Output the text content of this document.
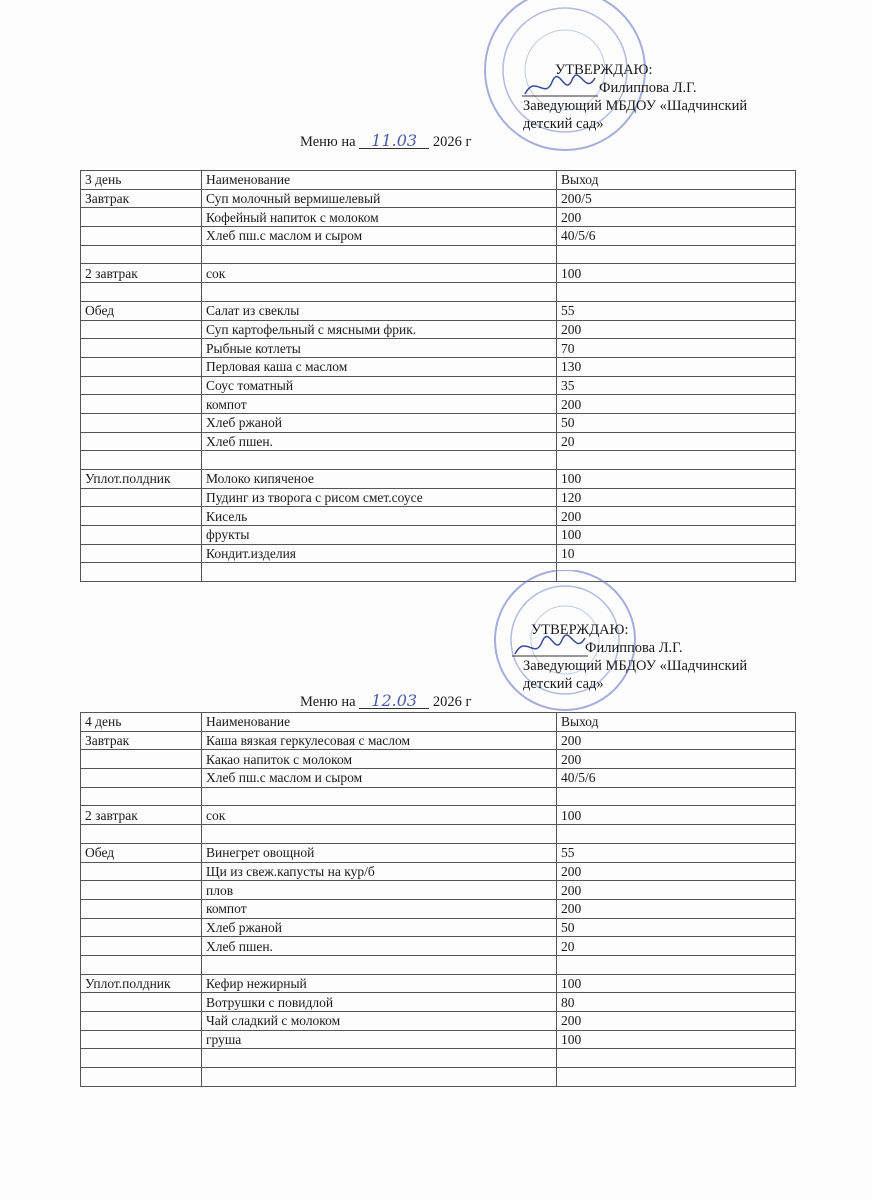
УТВЕРЖДАЮ:
Филиппова Л.Г.
Заведующий МБДОУ «Шадчинский
детский сад»
Меню на 11.03 2026 г
3 день	Наименование	Выход
Завтрак	Суп молочный вермишелевый	200/5
	Кофейный напиток с молоком	200
	Хлеб пш.с маслом и сыром	40/5/6

2 завтрак	сок	100

Обед	Салат из свеклы	55
	Суп картофельный с мясными фрик.	200
	Рыбные котлеты	70
	Перловая каша с маслом	130
	Соус томатный	35
	компот	200
	Хлеб ржаной	50
	Хлеб пшен.	20

Уплот.полдник	Молоко кипяченое	100
	Пудинг из творога с рисом смет.соусе	120
	Кисель	200
	фрукты	100
	Кондит.изделия	10

УТВЕРЖДАЮ:
Филиппова Л.Г.
Заведующий МБДОУ «Шадчинский
детский сад»
Меню на 12.03 2026 г
4 день	Наименование	Выход
Завтрак	Каша вязкая геркулесовая с маслом	200
	Какао напиток с молоком	200
	Хлеб пш.с маслом и сыром	40/5/6

2 завтрак	сок	100

Обед	Винегрет овощной	55
	Щи из свеж.капусты на кур/б	200
	плов	200
	компот	200
	Хлеб ржаной	50
	Хлеб пшен.	20

Уплот.полдник	Кефир нежирный	100
	Вотрушки с повидлой	80
	Чай сладкий с молоком	200
	груша	100
